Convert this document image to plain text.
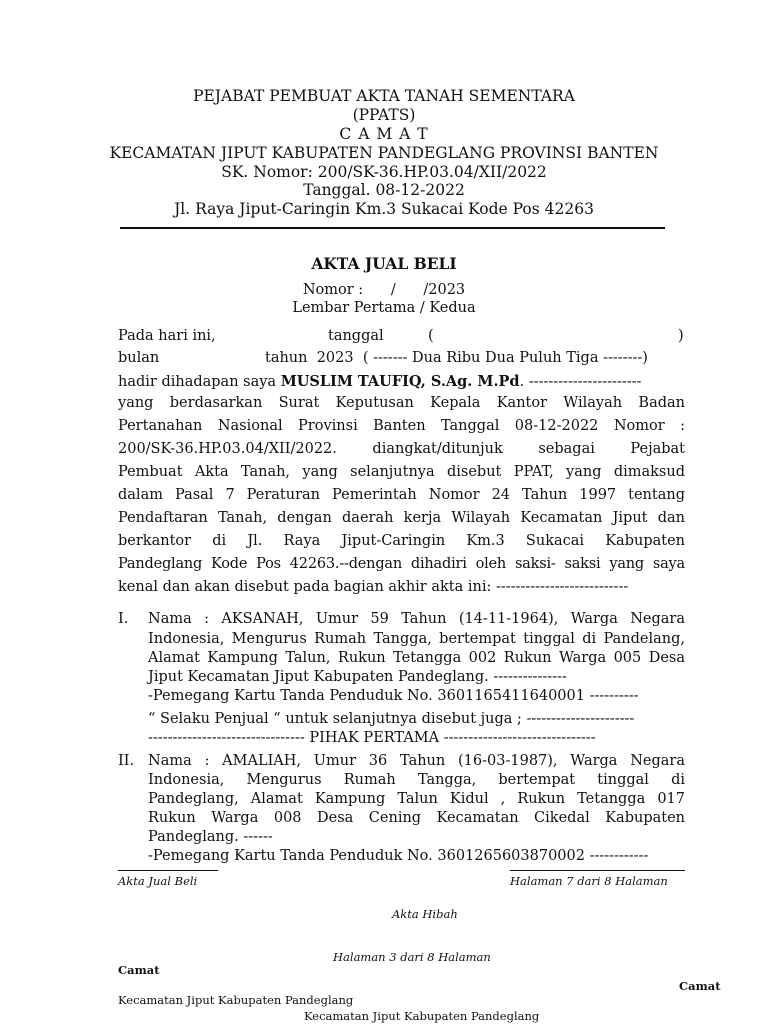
PEJABAT PEMBUAT AKTA TANAH SEMENTARA
(PPATS)
C A M A T
KECAMATAN JIPUT KABUPATEN PANDEGLANG PROVINSI BANTEN
SK. Nomor: 200/SK-36.HP.03.04/XII/2022
Tanggal. 08-12-2022
Jl. Raya Jiput-Caringin Km.3 Sukacai Kode Pos 42263
AKTA JUAL BELI
Nomor :      /      /2023
Lembar Pertama / Kedua
Pada hari ini,	tanggal	(	)
bulan	tahun  2023  ( ------- Dua Ribu Dua Puluh Tiga --------)
hadir dihadapan saya MUSLIM TAUFIQ, S.Ag. M.Pd. -----------------------
yang berdasarkan Surat Keputusan Kepala Kantor Wilayah Badan
Pertanahan Nasional Provinsi Banten Tanggal 08-12-2022 Nomor :
200/SK-36.HP.03.04/XII/2022. diangkat/ditunjuk sebagai Pejabat
Pembuat Akta Tanah, yang selanjutnya disebut PPAT, yang dimaksud
dalam Pasal 7 Peraturan Pemerintah Nomor 24 Tahun 1997 tentang
Pendaftaran Tanah, dengan daerah kerja Wilayah Kecamatan Jiput dan
berkantor di Jl. Raya Jiput-Caringin Km.3 Sukacai Kabupaten
Pandeglang Kode Pos 42263.--dengan dihadiri oleh saksi- saksi yang saya
kenal dan akan disebut pada bagian akhir akta ini: ---------------------------
I. Nama : AKSANAH, Umur 59 Tahun (14-11-1964), Warga Negara
Indonesia, Mengurus Rumah Tangga, bertempat tinggal di Pandelang,
Alamat Kampung Talun, Rukun Tetangga 002 Rukun Warga 005 Desa
Jiput Kecamatan Jiput Kabupaten Pandeglang. ---------------
-Pemegang Kartu Tanda Penduduk No. 3601165411640001 ----------
“ Selaku Penjual “ untuk selanjutnya disebut juga ; ----------------------
-------------------------------- PIHAK PERTAMA -------------------------------
II. Nama : AMALIAH, Umur 36 Tahun (16-03-1987), Warga Negara
Indonesia, Mengurus Rumah Tangga, bertempat tinggal di
Pandeglang, Alamat Kampung Talun Kidul , Rukun Tetangga 017
Rukun Warga 008 Desa Cening Kecamatan Cikedal Kabupaten
Pandeglang. ------
-Pemegang Kartu Tanda Penduduk No. 3601265603870002 ------------
Akta Jual Beli	Halaman 7 dari 8 Halaman
Akta Hibah
Halaman 3 dari 8 Halaman
Camat
Camat
Kecamatan Jiput Kabupaten Pandeglang
Kecamatan Jiput Kabupaten Pandeglang
